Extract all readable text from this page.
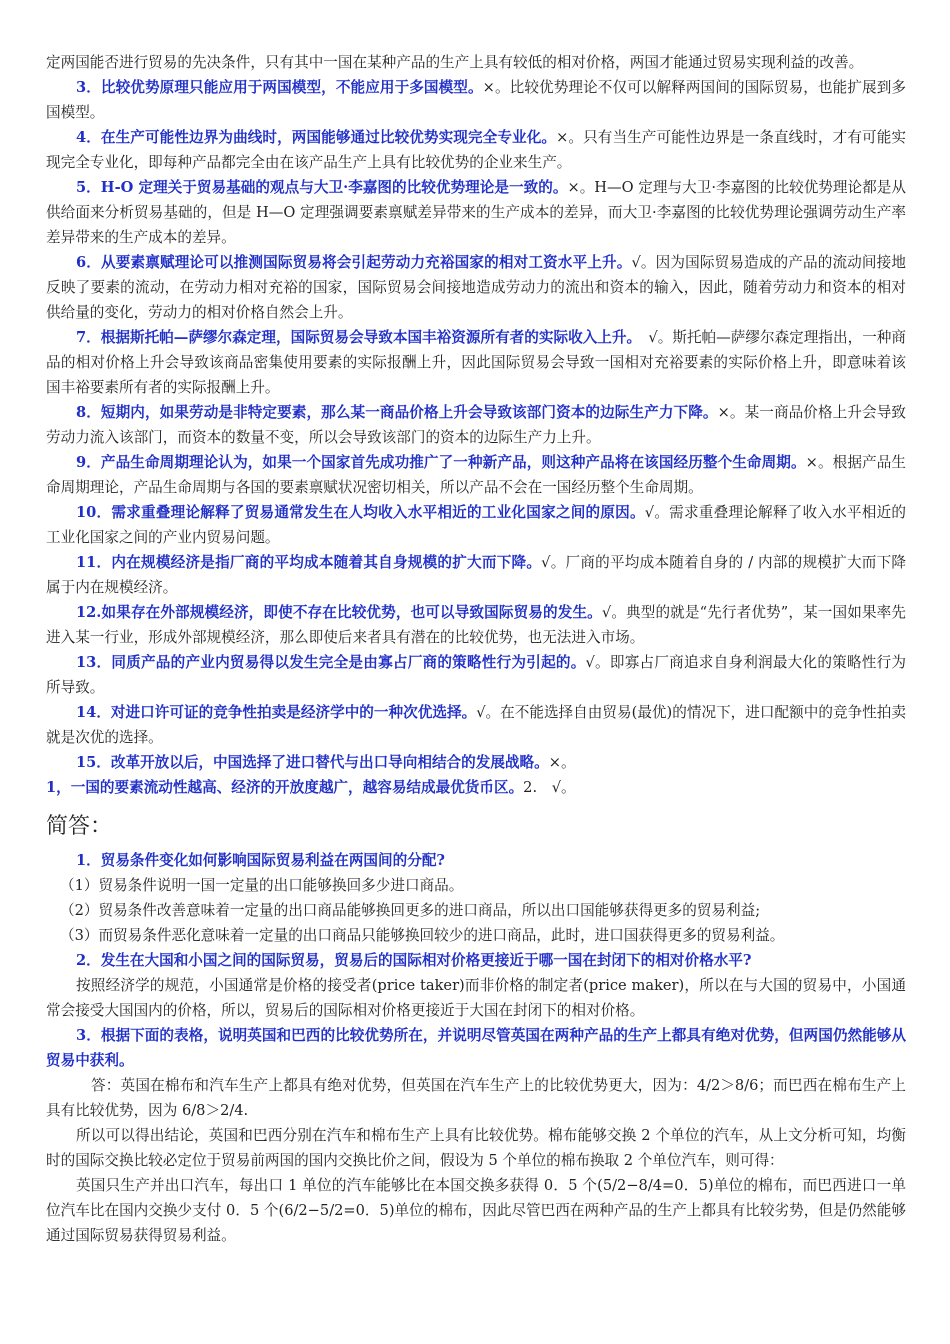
定两国能否进行贸易的先决条件，只有其中一国在某种产品的生产上具有较低的相对价格，两国才能通过贸易实现利益的改善。

3．比较优势原理只能应用于两国模型，不能应用于多国模型。×。比较优势理论不仅可以解释两国间的国际贸易，也能扩展到多国模型。

4．在生产可能性边界为曲线时，两国能够通过比较优势实现完全专业化。×。只有当生产可能性边界是一条直线时，才有可能实现完全专业化，即每种产品都完全由在该产品生产上具有比较优势的企业来生产。

5．H-O 定理关于贸易基础的观点与大卫·李嘉图的比较优势理论是一致的。×。H—O 定理与大卫·李嘉图的比较优势理论都是从供给面来分析贸易基础的，但是 H—O 定理强调要素禀赋差异带来的生产成本的差异，而大卫·李嘉图的比较优势理论强调劳动生产率差异带来的生产成本的差异。

6．从要素禀赋理论可以推测国际贸易将会引起劳动力充裕国家的相对工资水平上升。√。因为国际贸易造成的产品的流动间接地反映了要素的流动，在劳动力相对充裕的国家，国际贸易会间接地造成劳动力的流出和资本的输入，因此，随着劳动力和资本的相对供给量的变化，劳动力的相对价格自然会上升。

7．根据斯托帕—萨缪尔森定理，国际贸易会导致本国丰裕资源所有者的实际收入上升。　√。斯托帕—萨缪尔森定理指出，一种商品的相对价格上升会导致该商品密集使用要素的实际报酬上升，因此国际贸易会导致一国相对充裕要素的实际价格上升，即意味着该国丰裕要素所有者的实际报酬上升。

8．短期内，如果劳动是非特定要素，那么某一商品价格上升会导致该部门资本的边际生产力下降。×。某一商品价格上升会导致劳动力流入该部门，而资本的数量不变，所以会导致该部门的资本的边际生产力上升。

9．产品生命周期理论认为，如果一个国家首先成功推广了一种新产品，则这种产品将在该国经历整个生命周期。×。根据产品生命周期理论，产品生命周期与各国的要素禀赋状况密切相关，所以产品不会在一国经历整个生命周期。

10．需求重叠理论解释了贸易通常发生在人均收入水平相近的工业化国家之间的原因。√。需求重叠理论解释了收入水平相近的工业化国家之间的产业内贸易问题。

11．内在规模经济是指厂商的平均成本随着其自身规模的扩大而下降。√。厂商的平均成本随着自身的 / 内部的规模扩大而下降属于内在规模经济。

12.如果存在外部规模经济，即使不存在比较优势，也可以导致国际贸易的发生。√。典型的就是“先行者优势”，某一国如果率先进入某一行业，形成外部规模经济，那么即使后来者具有潜在的比较优势，也无法进入市场。

13．同质产品的产业内贸易得以发生完全是由寡占厂商的策略性行为引起的。√。即寡占厂商追求自身利润最大化的策略性行为所导致。

14．对进口许可证的竞争性拍卖是经济学中的一种次优选择。√。在不能选择自由贸易(最优)的情况下，进口配额中的竞争性拍卖就是次优的选择。

15．改革开放以后，中国选择了进口替代与出口导向相结合的发展战略。×。

1，一国的要素流动性越高、经济的开放度越广，越容易结成最优货币区。2.　√。

简答：

1．贸易条件变化如何影响国际贸易利益在两国间的分配?

（1）贸易条件说明一国一定量的出口能够换回多少进口商品。

（2）贸易条件改善意味着一定量的出口商品能够换回更多的进口商品，所以出口国能够获得更多的贸易利益;

（3）而贸易条件恶化意味着一定量的出口商品只能够换回较少的进口商品，此时，进口国获得更多的贸易利益。

2．发生在大国和小国之间的国际贸易，贸易后的国际相对价格更接近于哪一国在封闭下的相对价格水平?

按照经济学的规范，小国通常是价格的接受者(price taker)而非价格的制定者(price maker)，所以在与大国的贸易中，小国通常会接受大国国内的价格，所以，贸易后的国际相对价格更接近于大国在封闭下的相对价格。

3．根据下面的表格，说明英国和巴西的比较优势所在，并说明尽管英国在两种产品的生产上都具有绝对优势，但两国仍然能够从贸易中获利。

答：英国在棉布和汽车生产上都具有绝对优势，但英国在汽车生产上的比较优势更大，因为：4/2＞8/6；而巴西在棉布生产上具有比较优势，因为 6/8＞2/4.

所以可以得出结论，英国和巴西分别在汽车和棉布生产上具有比较优势。棉布能够交换 2 个单位的汽车，从上文分析可知，均衡时的国际交换比较必定位于贸易前两国的国内交换比价之间，假设为 5 个单位的棉布换取 2 个单位汽车，则可得：

英国只生产并出口汽车，每出口 1 单位的汽车能够比在本国交换多获得 0．5 个(5/2−8/4=0．5)单位的棉布，而巴西进口一单位汽车比在国内交换少支付 0．5 个(6/2−5/2=0．5)单位的棉布，因此尽管巴西在两种产品的生产上都具有比较劣势，但是仍然能够通过国际贸易获得贸易利益。
